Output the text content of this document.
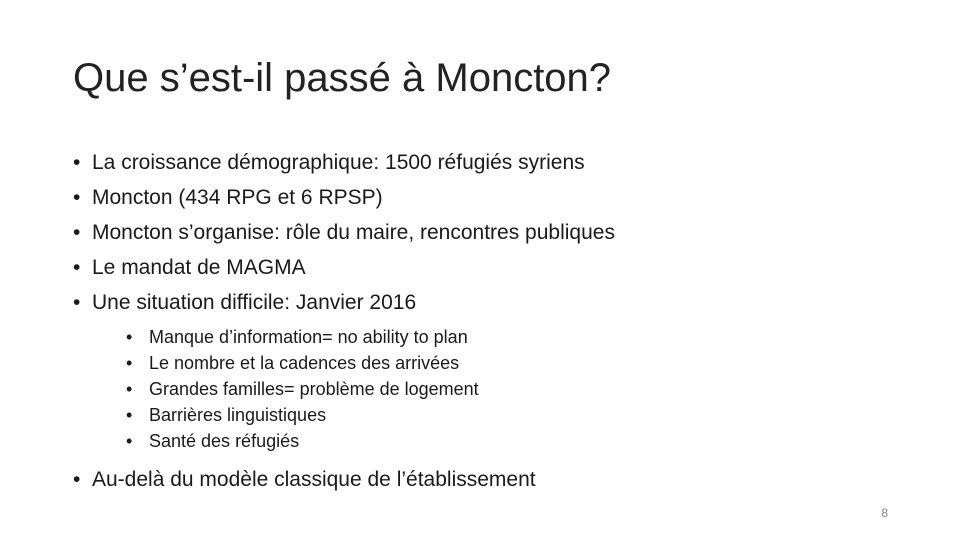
Que s’est-il passé à Moncton?
• La croissance démographique: 1500 réfugiés syriens
• Moncton (434 RPG et 6 RPSP)
• Moncton s’organise: rôle du maire, rencontres publiques
• Le mandat de MAGMA
• Une situation difficile: Janvier 2016
• Manque d’information= no ability to plan
• Le nombre et la cadences des arrivées
• Grandes familles= problème de logement
• Barrières linguistiques
• Santé des réfugiés
• Au-delà du modèle classique de l’établissement
8
